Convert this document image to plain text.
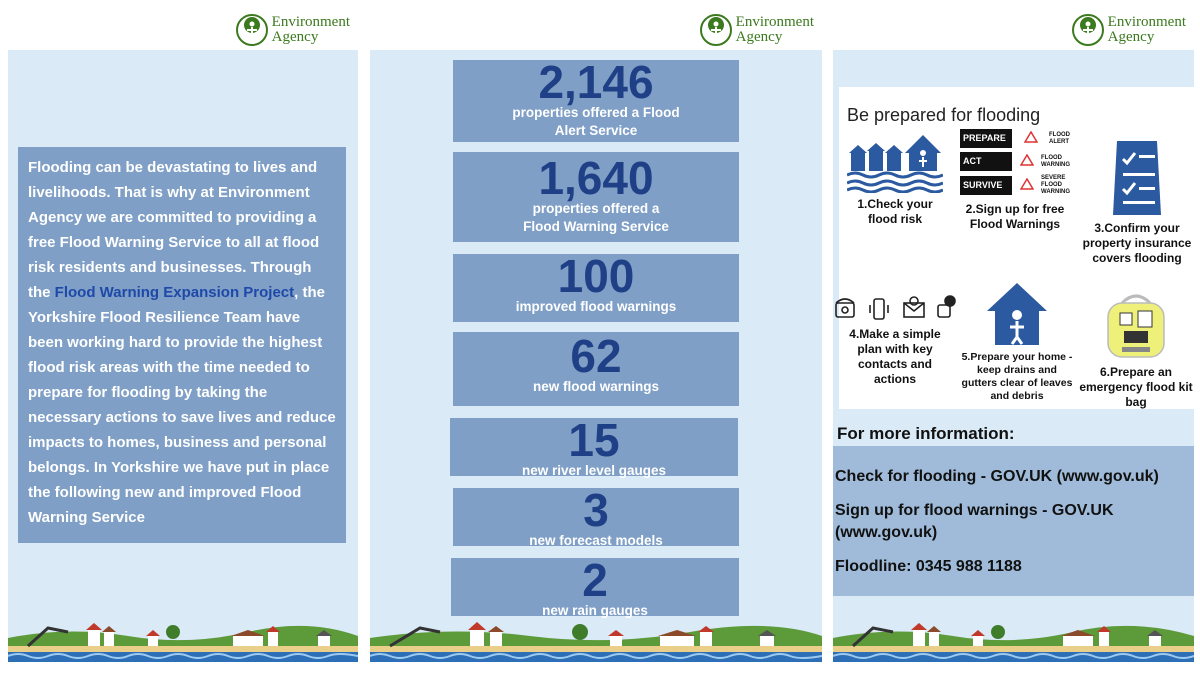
Environment
Agency
Flooding can be devastating to lives and livelihoods. That is why at Environment Agency we are committed to providing a free Flood Warning Service to all at flood risk residents and businesses. Through the Flood Warning Expansion Project, the Yorkshire Flood Resilience Team have been working hard to provide the highest flood risk areas with the time needed to prepare for flooding by taking the necessary actions to save lives and reduce impacts to homes, business and personal belongs. In Yorkshire we have put in place the following new and improved Flood Warning Service
Environment
Agency
2,146
properties offered a Flood
Alert Service
1,640
properties offered a
Flood Warning Service
100
improved flood warnings
62
new flood warnings
15
new river level gauges
3
new forecast models
2
new rain gauges
Environment
Agency
Be prepared for flooding
1.Check your
flood risk
PREPARE	FLOOD
ALERT
ACT	FLOOD
WARNING
SURVIVE
SEVERE
FLOOD
WARNING
2.Sign up for free
Flood Warnings	3.Confirm your
property insurance
covers flooding
4.Make a simple
plan with key
contacts and
actions
5.Prepare your home -
keep drains and
gutters clear of leaves
and debris
6.Prepare an
emergency flood kit
bag
For more information:
Check for flooding - GOV.UK (www.gov.uk)
Sign up for flood warnings - GOV.UK (www.gov.uk)
Floodline: 0345 988 1188
